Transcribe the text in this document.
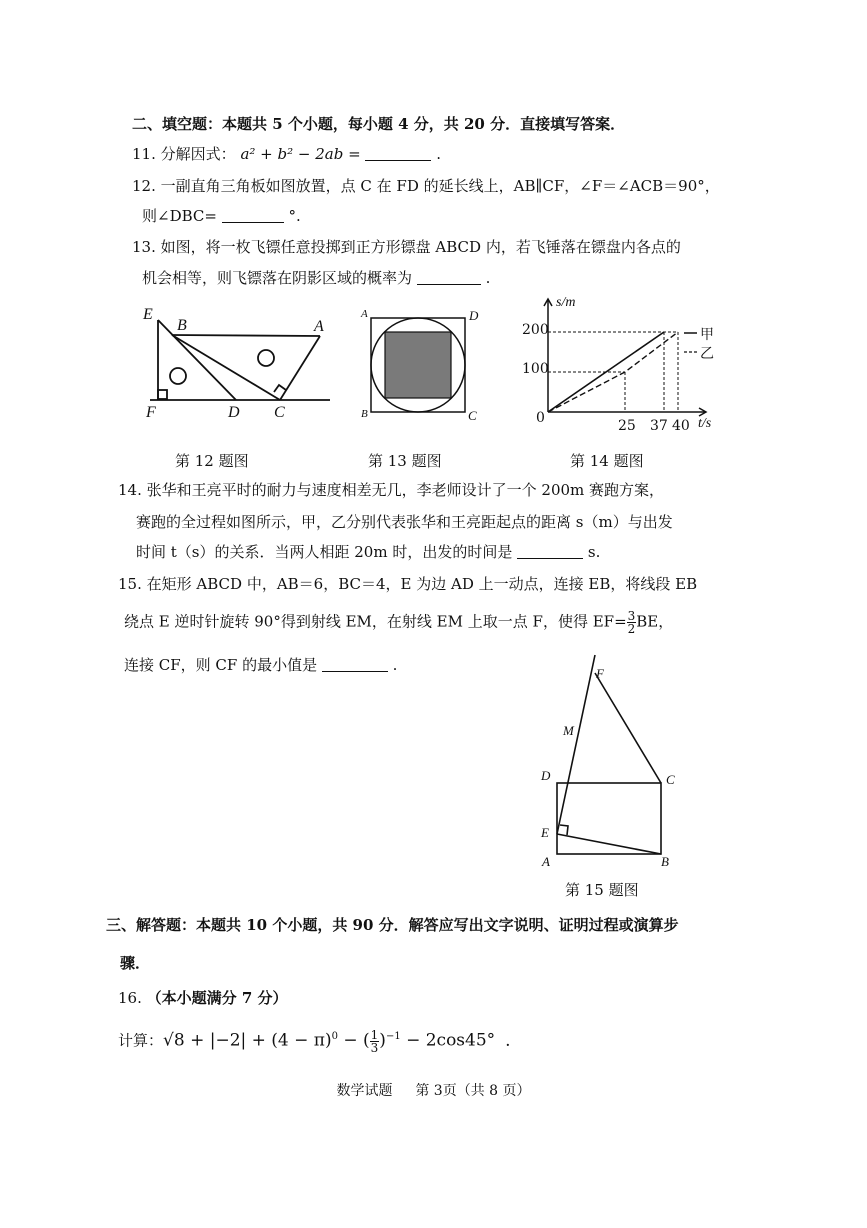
二、填空题：本题共 5 个小题，每小题 4 分，共 20 分．直接填写答案．
11. 分解因式： a² + b² − 2ab =	.
12. 一副直角三角板如图放置，点 C 在 FD 的延长线上，AB∥CF，∠F＝∠ACB＝90°，
则∠DBC=	°.
13. 如图，将一枚飞镖任意投掷到正方形镖盘 ABCD 内，若飞锤落在镖盘内各点的
机会相等，则飞镖落在阴影区域的概率为	.
E
B	A
F	D C
第 12 题图
A	D
B	C
第 13 题图
s/m
t/s
0
100
200
25 37 40
甲
乙
第 14 题图
14. 张华和王亮平时的耐力与速度相差无几，李老师设计了一个 200m 赛跑方案，
赛跑的全过程如图所示，甲，乙分别代表张华和王亮距起点的距离 s（m）与出发
时间 t（s）的关系．当两人相距 20m 时，出发的时间是	s.
15. 在矩形 ABCD 中，AB＝6，BC＝4，E 为边 AD 上一动点，连接 EB，将线段 EB
绕点 E 逆时针旋转 90°得到射线 EM，在射线 EM 上取一点 F，使得 $EF= \frac{3}{2}$ BE，
连接 CF，则 CF 的最小值是	.	F
M
D	C
E
A	B
第 15 题图
三、解答题：本题共 10 个小题，共 90 分．解答应写出文字说明、证明过程或演算步
骤．
16. （本小题满分 7 分）
计算：$√8 + |-2| + (4 - \pi)^0$ − ( $\frac{1}{3} )^{-1} - 2\cos 45^\circ$ .
数学试题 第 3页（共 8 页）
